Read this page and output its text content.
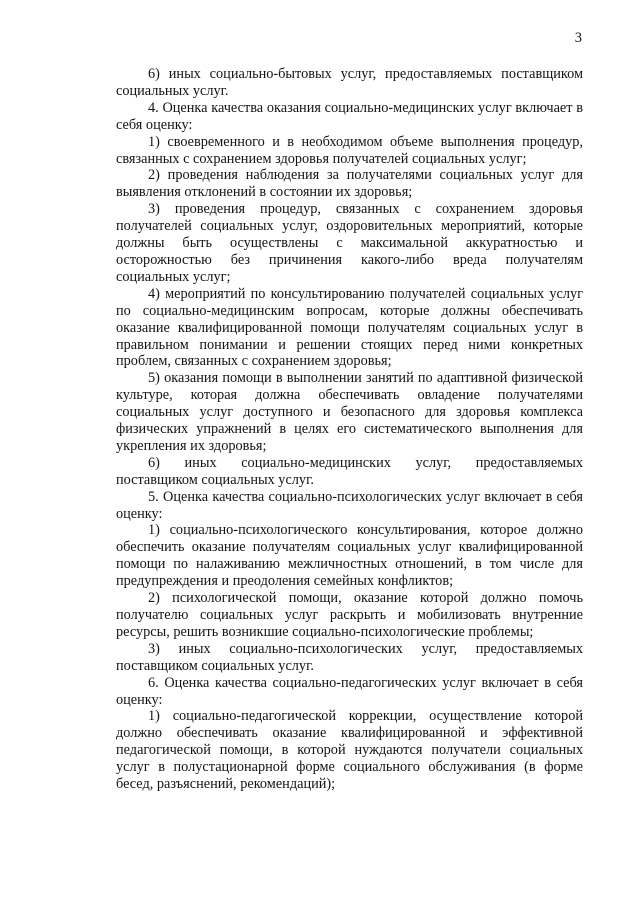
3

6) иных социально-бытовых услуг, предоставляемых поставщиком социальных услуг.

4. Оценка качества оказания социально-медицинских услуг включает в себя оценку:

1) своевременного и в необходимом объеме выполнения процедур, связанных с сохранением здоровья получателей социальных услуг;

2) проведения наблюдения за получателями социальных услуг для выявления отклонений в состоянии их здоровья;

3) проведения процедур, связанных с сохранением здоровья получателей социальных услуг, оздоровительных мероприятий, которые должны быть осуществлены с максимальной аккуратностью и осторожностью без причинения какого-либо вреда получателям социальных услуг;

4) мероприятий по консультированию получателей социальных услуг по социально-медицинским вопросам, которые должны обеспечивать оказание квалифицированной помощи получателям социальных услуг в правильном понимании и решении стоящих перед ними конкретных проблем, связанных с сохранением здоровья;

5) оказания помощи в выполнении занятий по адаптивной физической культуре, которая должна обеспечивать овладение получателями социальных услуг доступного и безопасного для здоровья комплекса физических упражнений в целях его систематического выполнения для укрепления их здоровья;

6) иных социально-медицинских услуг, предоставляемых поставщиком социальных услуг.

5. Оценка качества социально-психологических услуг включает в себя оценку:

1) социально-психологического консультирования, которое должно обеспечить оказание получателям социальных услуг квалифицированной помощи по налаживанию межличностных отношений, в том числе для предупреждения и преодоления семейных конфликтов;

2) психологической помощи, оказание которой должно помочь получателю социальных услуг раскрыть и мобилизовать внутренние ресурсы, решить возникшие социально-психологические проблемы;

3) иных социально-психологических услуг, предоставляемых поставщиком социальных услуг.

6. Оценка качества социально-педагогических услуг включает в себя оценку:

1) социально-педагогической коррекции, осуществление которой должно обеспечивать оказание квалифицированной и эффективной педагогической помощи, в которой нуждаются получатели социальных услуг в полустационарной форме социального обслуживания (в форме бесед, разъяснений, рекомендаций);
